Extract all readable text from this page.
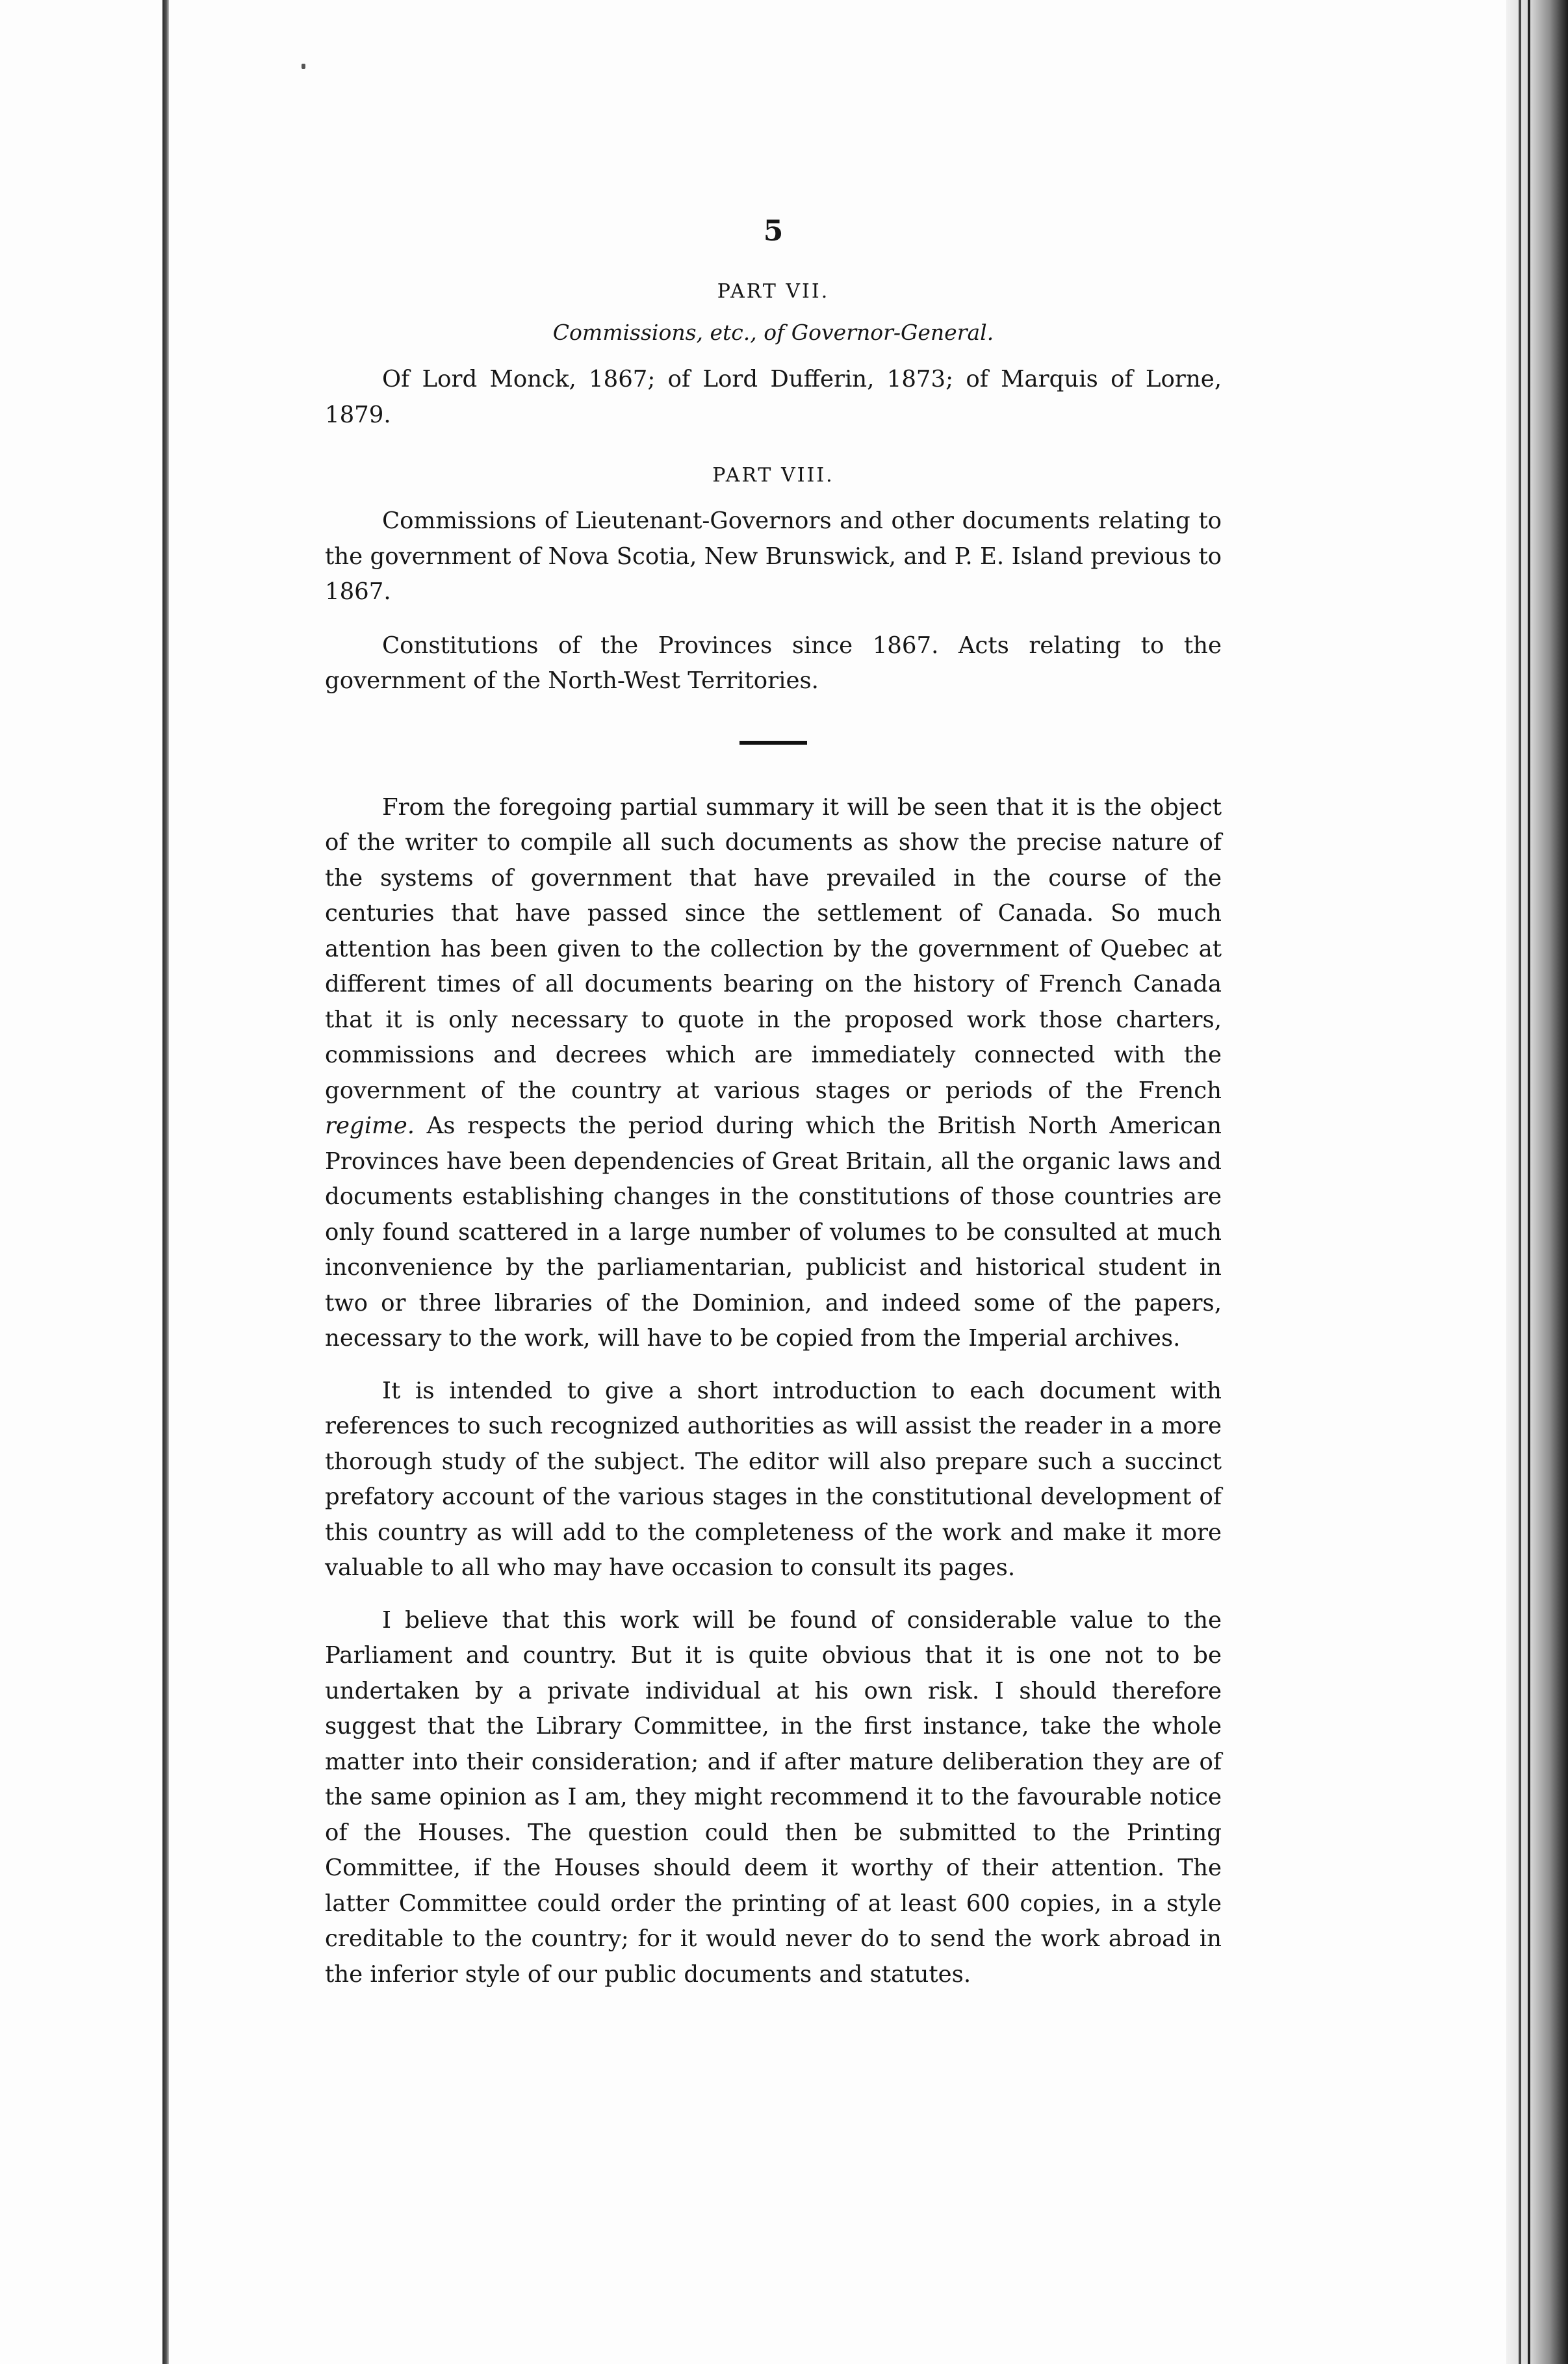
5
PART VII.
Commissions, etc., of Governor-General.

Of Lord Monck, 1867; of Lord Dufferin, 1873; of Marquis of Lorne, 1879.

PART VIII.

Commissions of Lieutenant-Governors and other documents relating to the government of Nova Scotia, New Brunswick, and P. E. Island previous to 1867.

Constitutions of the Provinces since 1867. Acts relating to the government of the North-West Territories.

From the foregoing partial summary it will be seen that it is the object of the writer to compile all such documents as show the precise nature of the systems of government that have prevailed in the course of the centuries that have passed since the settlement of Canada. So much attention has been given to the collection by the government of Quebec at different times of all documents bearing on the history of French Canada that it is only necessary to quote in the proposed work those charters, commissions and decrees which are immediately connected with the government of the country at various stages or periods of the French regime. As respects the period during which the British North American Provinces have been dependencies of Great Britain, all the organic laws and documents establishing changes in the constitutions of those countries are only found scattered in a large number of volumes to be consulted at much inconvenience by the parliamentarian, publicist and historical student in two or three libraries of the Dominion, and indeed some of the papers, necessary to the work, will have to be copied from the Imperial archives.

It is intended to give a short introduction to each document with references to such recognized authorities as will assist the reader in a more thorough study of the subject. The editor will also prepare such a succinct prefatory account of the various stages in the constitutional development of this country as will add to the completeness of the work and make it more valuable to all who may have occasion to consult its pages.

I believe that this work will be found of considerable value to the Parliament and country. But it is quite obvious that it is one not to be undertaken by a private individual at his own risk. I should therefore suggest that the Library Committee, in the first instance, take the whole matter into their consideration; and if after mature deliberation they are of the same opinion as I am, they might recommend it to the favourable notice of the Houses. The question could then be submitted to the Printing Committee, if the Houses should deem it worthy of their attention. The latter Committee could order the printing of at least 600 copies, in a style creditable to the country; for it would never do to send the work abroad in the inferior style of our public documents and statutes.
